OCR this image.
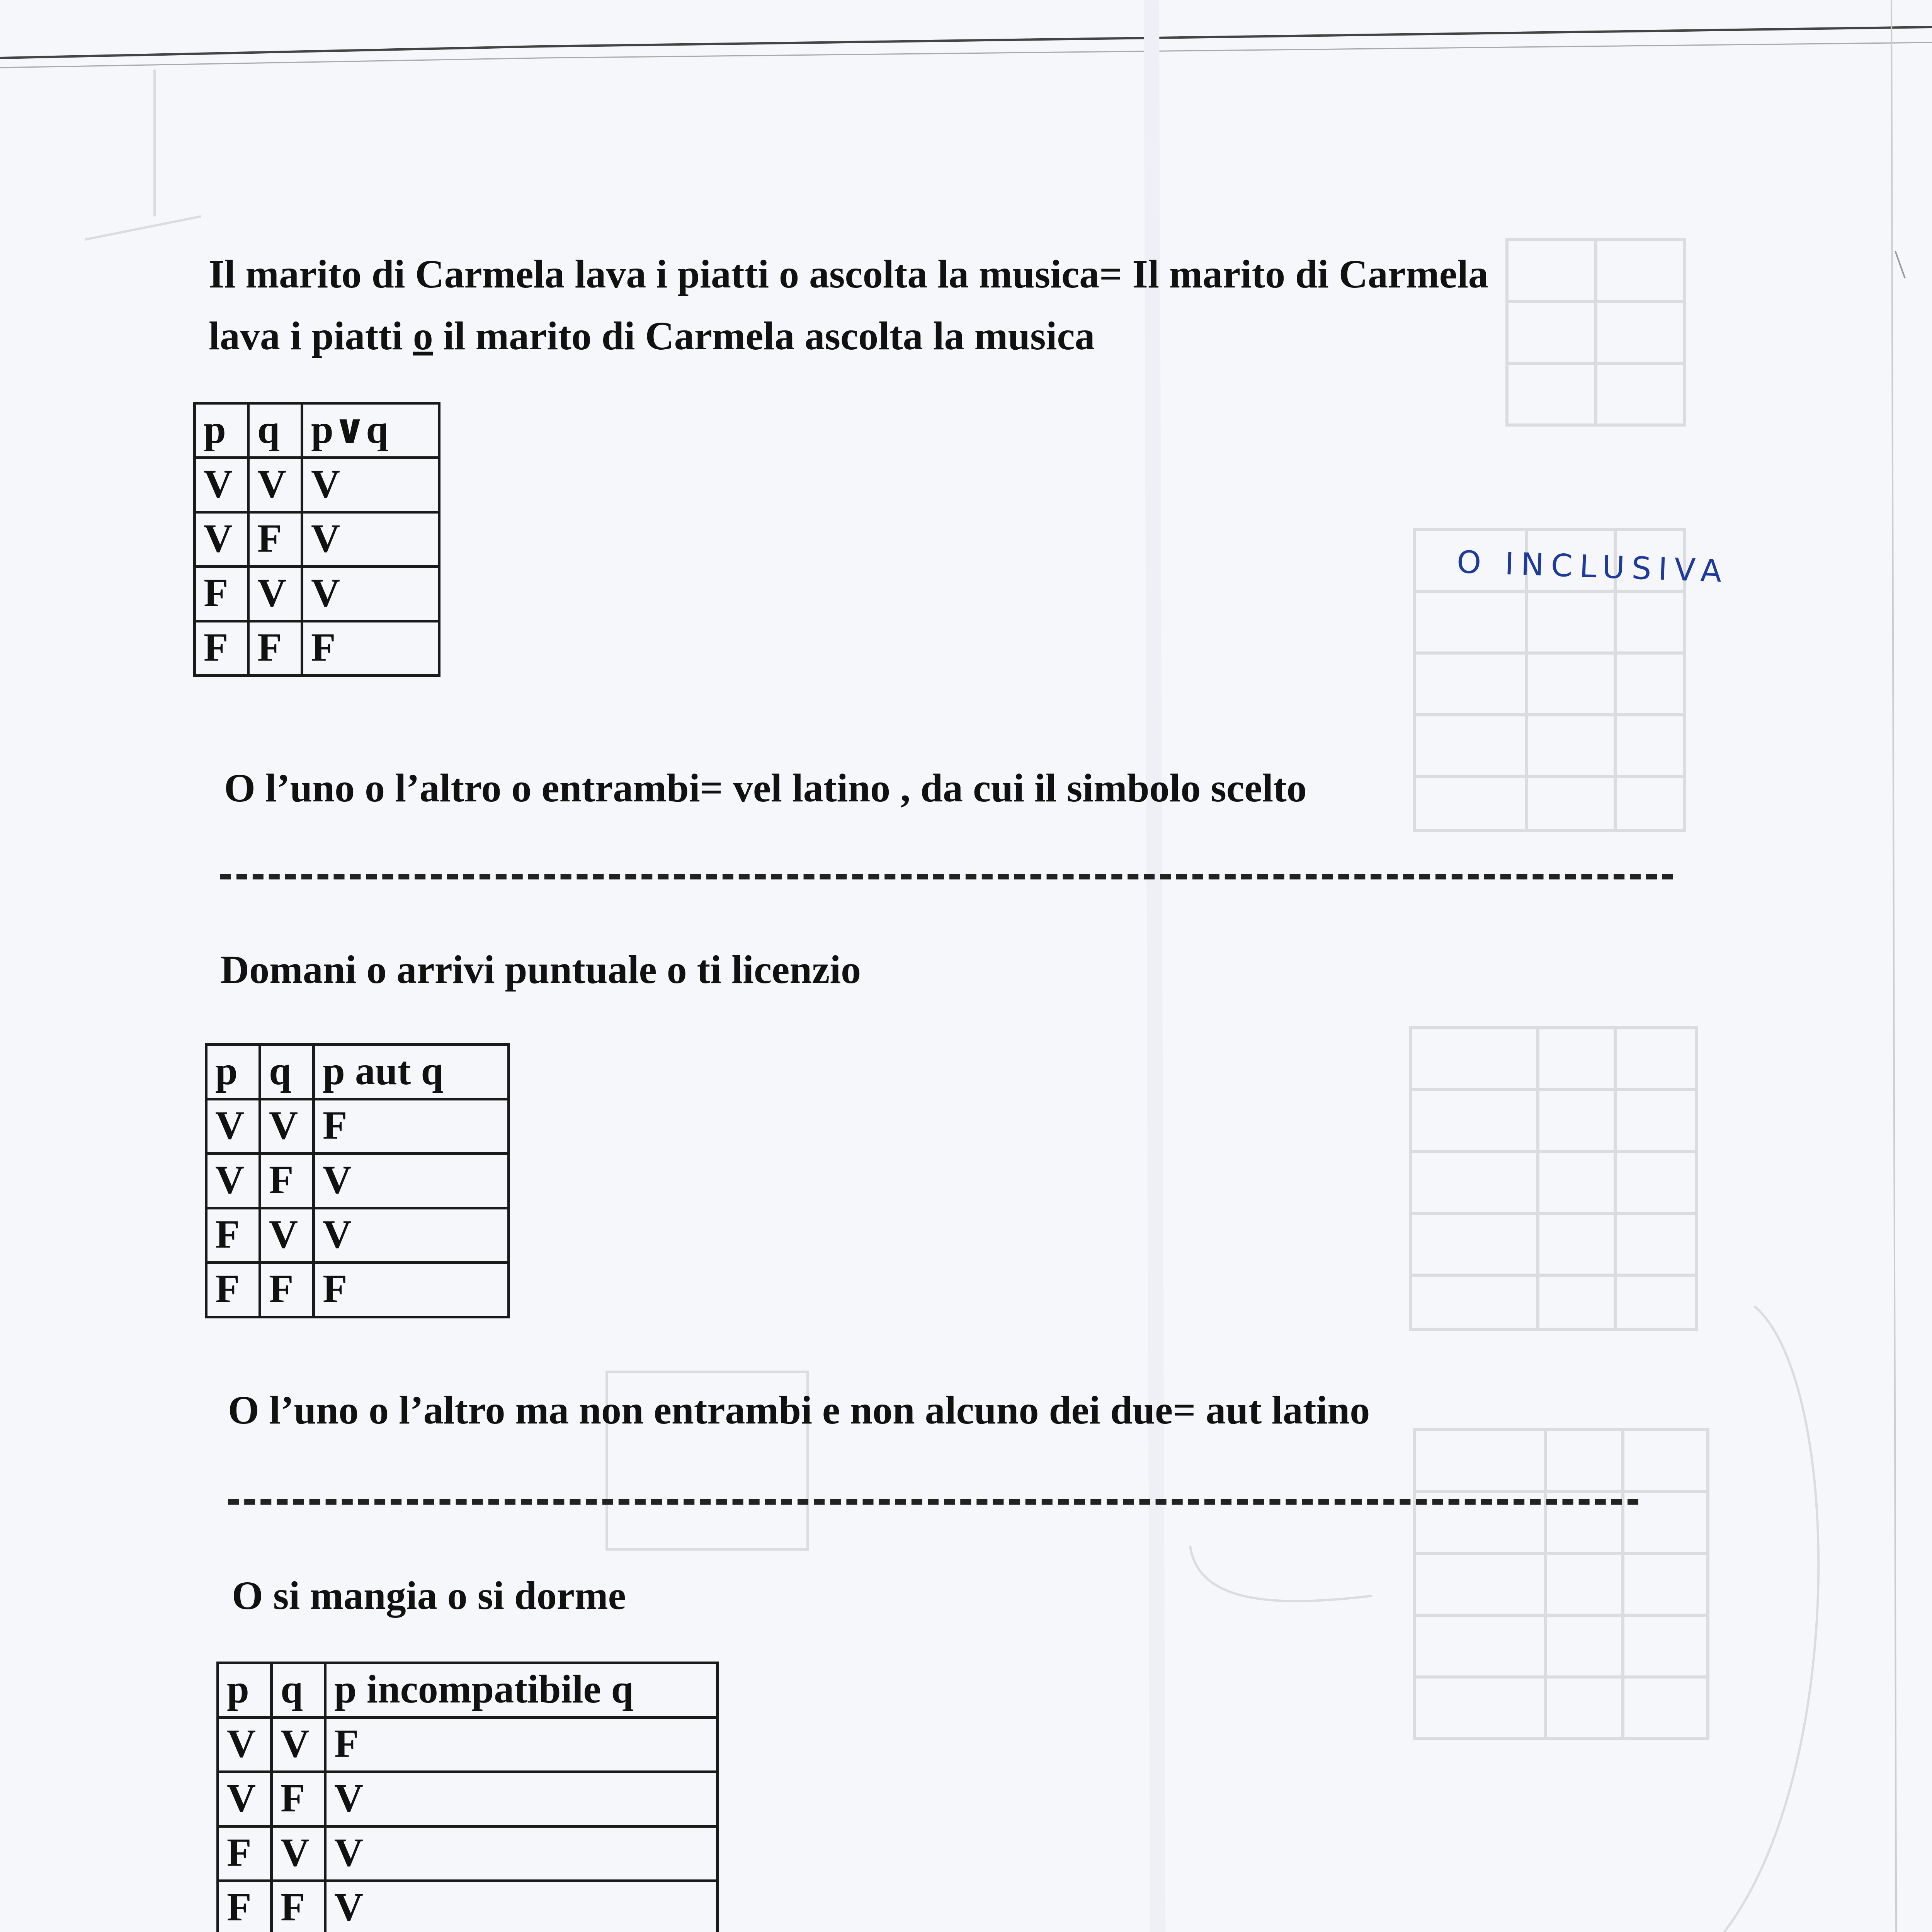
Il marito di Carmela lava i piatti o ascolta la musica= Il marito di Carmela
lava i piatti o il marito di Carmela ascolta la musica
p	q	p∨q
V	V	V
V	F	V
F	V	V
F	F	F
O INCLUSIVA
O l’uno o l’altro o entrambi= vel latino , da cui il simbolo scelto
Domani o arrivi puntuale o ti licenzio
p	q	p aut q
V	V	F
V	F	V
F	V	V
F	F	F
O l’uno o l’altro ma non entrambi e non alcuno dei due= aut latino
O si mangia o si dorme
p	q	p incompatibile q
V	V	F
V	F	V
F	V	V
F	F	V
